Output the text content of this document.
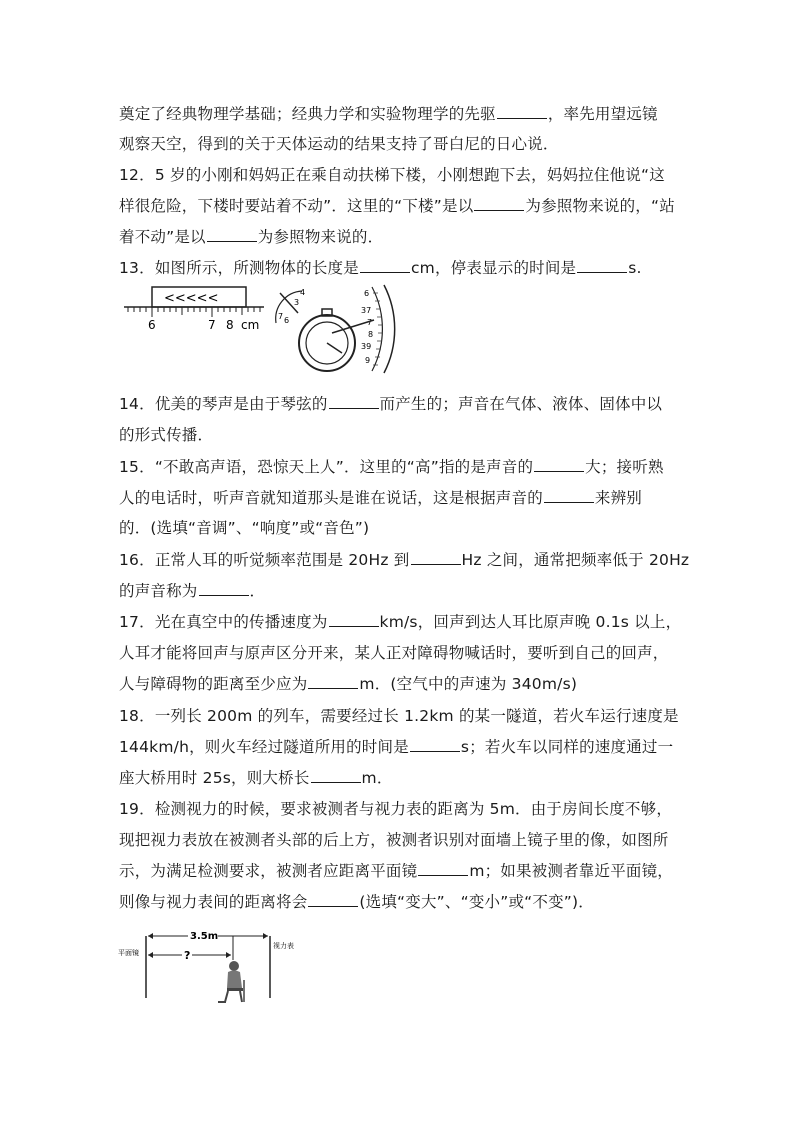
奠定了经典物理学基础；经典力学和实验物理学的先驱	，率先用望远镜
观察天空，得到的关于天体运动的结果支持了哥白尼的日心说．
12．5 岁的小刚和妈妈正在乘自动扶梯下楼，小刚想跑下去，妈妈拉住他说“这
样很危险，下楼时要站着不动”．这里的“下楼”是以	为参照物来说的，“站
着不动”是以	为参照物来说的．
13．如图所示，所测物体的长度是	cm，停表显示的时间是	s.
<<<<<
6	7 8 cm
4
3
7 6
6
37
7
8
39
9
14．优美的琴声是由于琴弦的	而产生的；声音在气体、液体、固体中以
的形式传播．
15．“不敢高声语，恐惊天上人”．这里的“高”指的是声音的	大；接听熟
人的电话时，听声音就知道那头是谁在说话，这是根据声音的	来辨别
的．(选填“音调”、“响度”或“音色”)
16．正常人耳的听觉频率范围是 20Hz 到	Hz 之间，通常把频率低于 20Hz
的声音称为	．
17．光在真空中的传播速度为	km/s，回声到达人耳比原声晚 0.1s 以上，
人耳才能将回声与原声区分开来，某人正对障碍物喊话时，要听到自己的回声，
人与障碍物的距离至少应为	m．(空气中的声速为 340m/s)
18．一列长 200m 的列车，需要经过长 1.2km 的某一隧道，若火车运行速度是
144km/h，则火车经过隧道所用的时间是	s；若火车以同样的速度通过一
座大桥用时 25s，则大桥长	m．
19．检测视力的时候，要求被测者与视力表的距离为 5m．由于房间长度不够，
现把视力表放在被测者头部的后上方，被测者识别对面墙上镜子里的像，如图所
示，为满足检测要求，被测者应距离平面镜	m；如果被测者靠近平面镜，
则像与视力表间的距离将会	(选填“变大”、“变小”或“不变”)．
3.5m
?
平面镜
视力表
